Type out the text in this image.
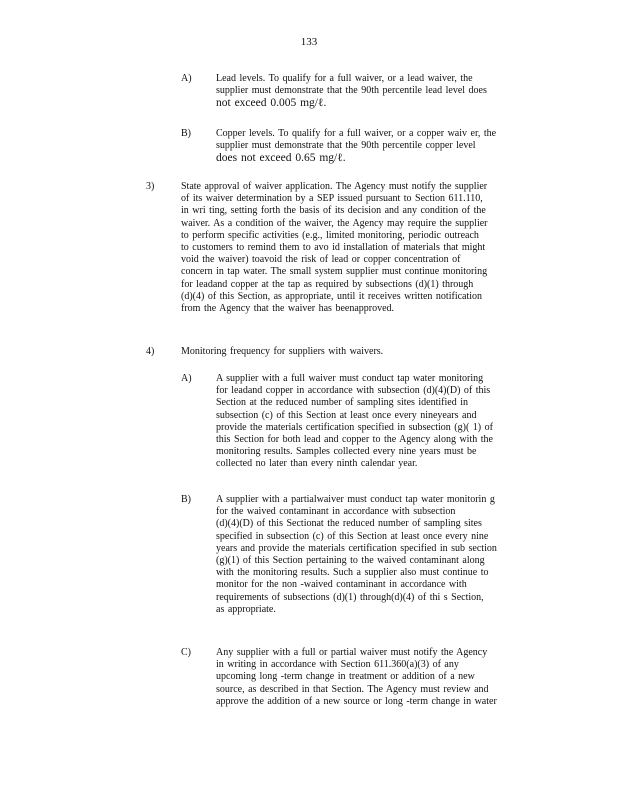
133
A) Lead levels. To qualify for a full waiver, or a lead waiver, the
supplier must demonstrate that the 90th percentile lead level does
not exceed 0.005 mg/ℓ.
B)	Copper levels. To qualify for a full waiver, or a copper waiv er, the
supplier must demonstrate that the 90th percentile copper level
does not exceed 0.65 mg/ℓ.
3)	State approval of waiver application. The Agency must notify the supplier
of its waiver determination by a SEP issued pursuant to Section 611.110,
in wri ting, setting forth the basis of its decision and any condition of the
waiver. As a condition of the waiver, the Agency may require the supplier
to perform specific activities (e.g., limited monitoring, periodic outreach
to customers to remind them to avo id installation of materials that might
void the waiver) toavoid the risk of lead or copper concentration of
concern in tap water. The small system supplier must continue monitoring
for leadand copper at the tap as required by subsections (d)(1) through
(d)(4) of this Section, as appropriate, until it receives written notification
from the Agency that the waiver has beenapproved.
4)	Monitoring frequency for suppliers with waivers.
A) A supplier with a full waiver must conduct tap water monitoring
for leadand copper in accordance with subsection (d)(4)(D) of this
Section at the reduced number of sampling sites identified in
subsection (c) of this Section at least once every nineyears and
provide the materials certification specified in subsection (g)( 1) of
this Section for both lead and copper to the Agency along with the
monitoring results. Samples collected every nine years must be
collected no later than every ninth calendar year.
B)	A supplier with a partialwaiver must conduct tap water monitorin g
for the waived contaminant in accordance with subsection
(d)(4)(D) of this Sectionat the reduced number of sampling sites
specified in subsection (c) of this Section at least once every nine
years and provide the materials certification specified in sub section
(g)(1) of this Section pertaining to the waived contaminant along
with the monitoring results. Such a supplier also must continue to
monitor for the non -waived contaminant in accordance with
requirements of subsections (d)(1) through(d)(4) of thi s Section,
as appropriate.
C)	Any supplier with a full or partial waiver must notify the Agency
in writing in accordance with Section 611.360(a)(3) of any
upcoming long -term change in treatment or addition of a new
source, as described in that Section. The Agency must review and
approve the addition of a new source or long -term change in water
